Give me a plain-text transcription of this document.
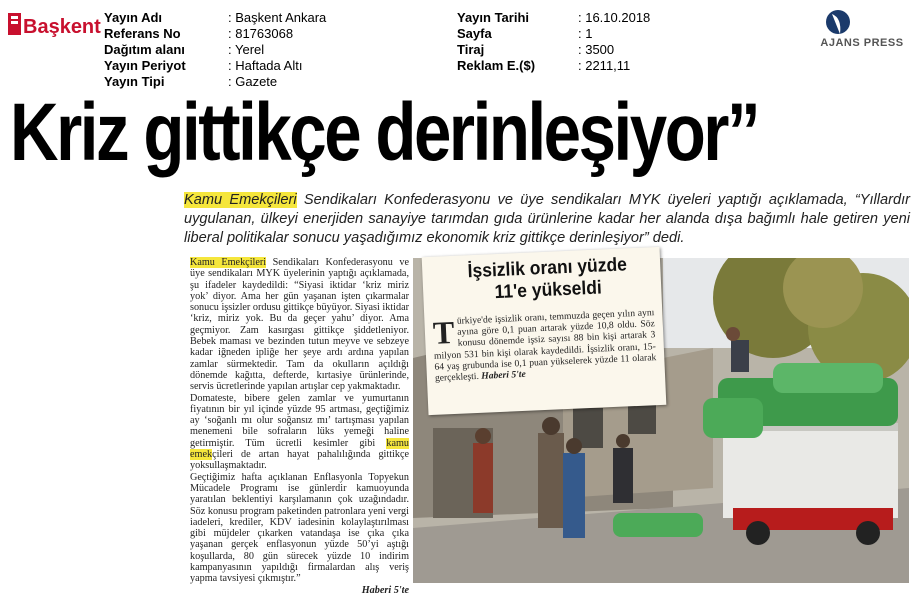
Başkent Yayın Adı
Referans No
Dağıtım alanı
Yayın Periyot
Yayın Tipi
: Başkent Ankara
: 81763068
: Yerel
: Haftada Altı
: Gazete
Yayın Tarihi
Sayfa
Tiraj
Reklam E.($)
: 16.10.2018
: 1
: 3500
: 2211,11
AJANS PRESS
Kriz gittikçe derinleşiyor”
Kamu Emekçileri Sendikaları Konfederasyonu ve üye sendikaları MYK üyeleri yaptığı açıklamada, “Yıllardır uygulanan, ülkeyi enerjiden sanayiye tarımdan gıda ürünlerine kadar her alanda dışa bağımlı hale getiren yeni liberal politikalar sonucu yaşadığımız ekonomik kriz gittikçe derinleşiyor” dedi.

Kamu Emekçileri Sendikaları Konfederasyonu ve üye sendikaları MYK üyelerinin yaptığı açıklamada, şu ifadeler kaydedildi: “Siyasi iktidar ‘kriz miriz yok’ diyor. Ama her gün yaşanan işten çıkarmalar sonucu işsizler ordusu gittikçe büyüyor. Siyasi iktidar ‘kriz, miriz yok. Bu da geçer yahu’ diyor. Ama geçmiyor. Zam kasırgası gittikçe şiddetleniyor. Bebek maması ve bezinden tutun meyve ve sebzeye kadar iğneden ipliğe her şeye ardı ardına yapılan zamlar sürmektedir. Tam da okulların açıldığı dönemde kağıtta, defterde, kırtasiye ürünlerinde, servis ücretlerinde yapılan artışlar cep yakmaktadır.

Domateste, bibere gelen zamlar ve yumurtanın fiyatının bir yıl içinde yüzde 95 artması, geçtiğimiz ay ‘soğanlı mı olur soğansız mı’ tartışması yapılan menemeni bile sofraların lüks yemeği haline getirmiştir. Tüm ücretli kesimler gibi kamu emekçileri de artan hayat pahalılığında gittikçe yoksullaşmaktadır.

Geçtiğimiz hafta açıklanan Enflasyonla Topyekun Mücadele Programı ise günlerdir kamuoyunda yaratılan beklentiyi karşılamanın çok uzağındadır. Söz konusu program paketinden patronlara yeni vergi iadeleri, krediler, KDV iadesinin kolaylaştırılması gibi müjdeler çıkarken vatandaşa ise çıka çıka yaşanan gerçek enflasyonun yüzde 50’yi aştığı koşullarda, 80 gün sürecek yüzde 10 indirim kampanyasının yapıldığı firmalardan alış veriş yapma tavsiyesi çıkmıştır.”

Haberi 5'te
İşsizlik oranı yüzde 11'e yükseldi
Türkiye'de işsizlik oranı, temmuzda geçen yılın aynı ayına göre 0,1 puan artarak yüzde 10,8 oldu. Söz konusu dönemde işsiz sayısı 88 bin kişi artarak 3 milyon 531 bin kişi olarak kaydedildi. İşsizlik oranı, 15-64 yaş grubunda ise 0,1 puan yükselerek yüzde 11 olarak gerçekleşti. Haberi 5'te
